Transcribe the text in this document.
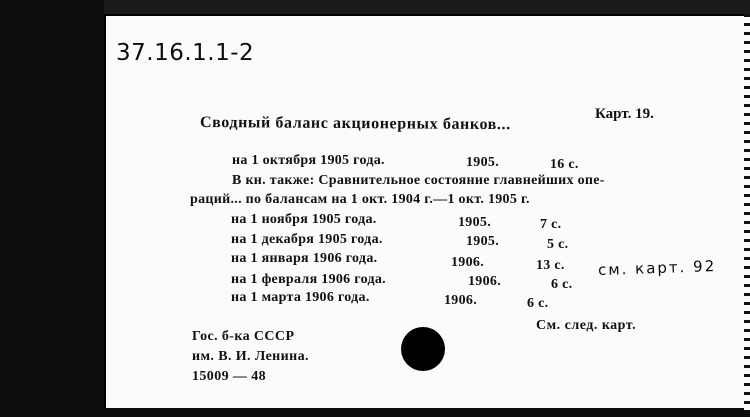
37.16.1.1-2
Карт. 19.
Сводный баланс акционерных банков...
на 1 октября 1905 года.	1905.	16 с.
В кн. также: Сравнительное состояние главнейших опе-
раций... по балансам на 1 окт. 1904 г.—1 окт. 1905 г.
на 1 ноября 1905 года.	1905.	7 с.
на 1 декабря 1905 года.	1905.	5 с.
на 1 января 1906 года.	1906.	13 с.
на 1 февраля 1906 года.	1906.	6 с.
на 1 марта 1906 года.	1906.	6 с.
см. карт. 92
См. след. карт.
Гос. б-ка СССР
им. В. И. Ленина.
15009 — 48
